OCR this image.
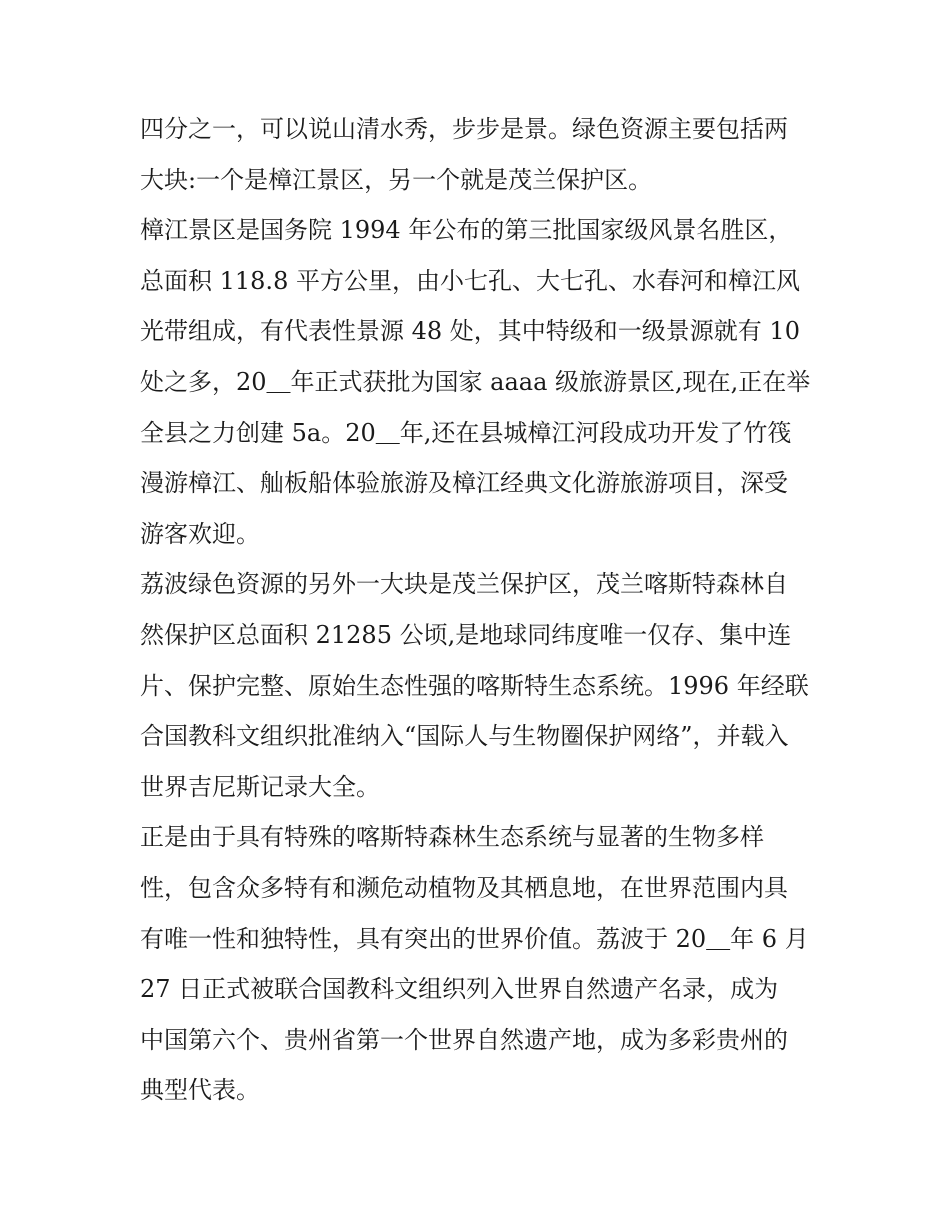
四分之一，可以说山清水秀，步步是景。绿色资源主要包括两
大块:一个是樟江景区，另一个就是茂兰保护区。
樟江景区是国务院 1994 年公布的第三批国家级风景名胜区，
总面积 118.8 平方公里，由小七孔、大七孔、水春河和樟江风
光带组成，有代表性景源 48 处，其中特级和一级景源就有 10
处之多，20＿年正式获批为国家 aaaa 级旅游景区,现在,正在举
全县之力创建 5a。20＿年,还在县城樟江河段成功开发了竹筏
漫游樟江、舢板船体验旅游及樟江经典文化游旅游项目，深受
游客欢迎。
荔波绿色资源的另外一大块是茂兰保护区，茂兰喀斯特森林自
然保护区总面积 21285 公顷,是地球同纬度唯一仅存、集中连
片、保护完整、原始生态性强的喀斯特生态系统。1996 年经联
合国教科文组织批准纳入“国际人与生物圈保护网络”，并载入
世界吉尼斯记录大全。
正是由于具有特殊的喀斯特森林生态系统与显著的生物多样
性，包含众多特有和濒危动植物及其栖息地，在世界范围内具
有唯一性和独特性，具有突出的世界价值。荔波于 20＿年 6 月
27 日正式被联合国教科文组织列入世界自然遗产名录，成为
中国第六个、贵州省第一个世界自然遗产地，成为多彩贵州的
典型代表。
